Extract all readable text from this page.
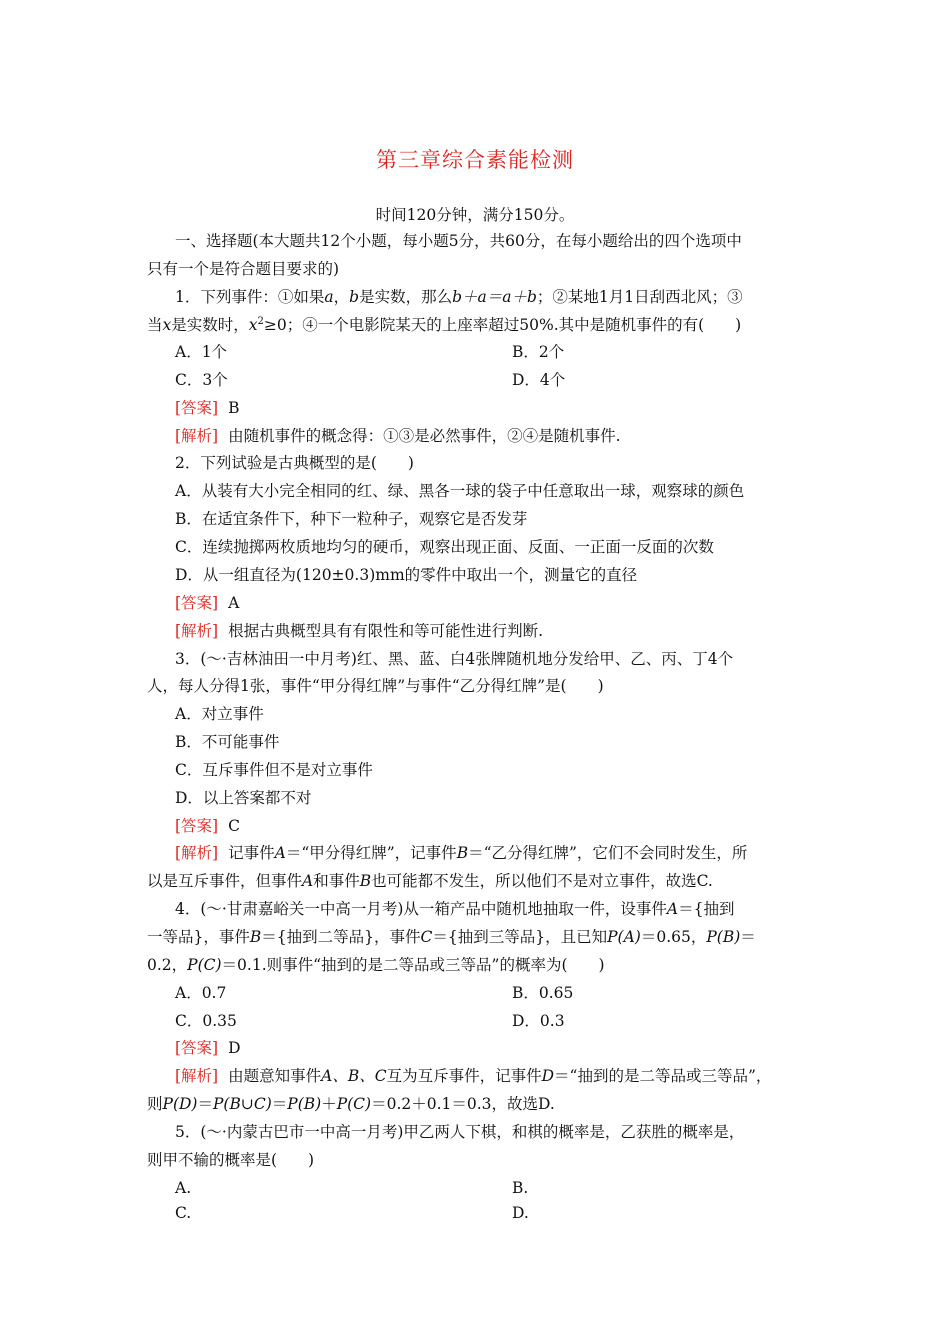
第三章综合素能检测
时间120分钟，满分150分。
一、选择题(本大题共12个小题，每小题5分，共60分，在每小题给出的四个选项中
只有一个是符合题目要求的)
1．下列事件：①如果a，b是实数，那么b＋a＝a＋b；②某地1月1日刮西北风；③
当x是实数时，$x^2\ge 0$；④一个电影院某天的上座率超过50%.其中是随机事件的有(　　)
A．1个	B．2个
C．3个	D．4个
[答案] B
[解析] 由随机事件的概念得：①③是必然事件，②④是随机事件.
2．下列试验是古典概型的是(　　)
A．从装有大小完全相同的红、绿、黑各一球的袋子中任意取出一球，观察球的颜色
B．在适宜条件下，种下一粒种子，观察它是否发芽
C．连续抛掷两枚质地均匀的硬币，观察出现正面、反面、一正面一反面的次数
D．从一组直径为(120±0.3)mm的零件中取出一个，测量它的直径
[答案] A
[解析] 根据古典概型具有有限性和等可能性进行判断.
3．(～·吉林油田一中月考)红、黑、蓝、白4张牌随机地分发给甲、乙、丙、丁4个
人，每人分得1张，事件“甲分得红牌”与事件“乙分得红牌”是(　　)
A．对立事件
B．不可能事件
C．互斥事件但不是对立事件
D．以上答案都不对
[答案] C
[解析] 记事件A＝“甲分得红牌”，记事件B＝“乙分得红牌”，它们不会同时发生，所
以是互斥事件，但事件A和事件B也可能都不发生，所以他们不是对立事件，故选C.
4．(～·甘肃嘉峪关一中高一月考)从一箱产品中随机地抽取一件，设事件A＝{抽到
一等品}，事件B＝{抽到二等品}，事件C＝{抽到三等品}，且已知P(A)＝0.65，P(B)＝
0.2，P(C)＝0.1.则事件“抽到的是二等品或三等品”的概率为(　　)
A．0.7	B．0.65
C．0.35	D．0.3
[答案] D
[解析] 由题意知事件A、B、C互为互斥事件，记事件D＝“抽到的是二等品或三等品”，
则P(D)＝P(B∪C)＝P(B)＋P(C)＝0.2＋0.1＝0.3，故选D.
5．(～·内蒙古巴市一中高一月考)甲乙两人下棋，和棋的概率是，乙获胜的概率是，
则甲不输的概率是(　　)
A.	B.
C.	D.
